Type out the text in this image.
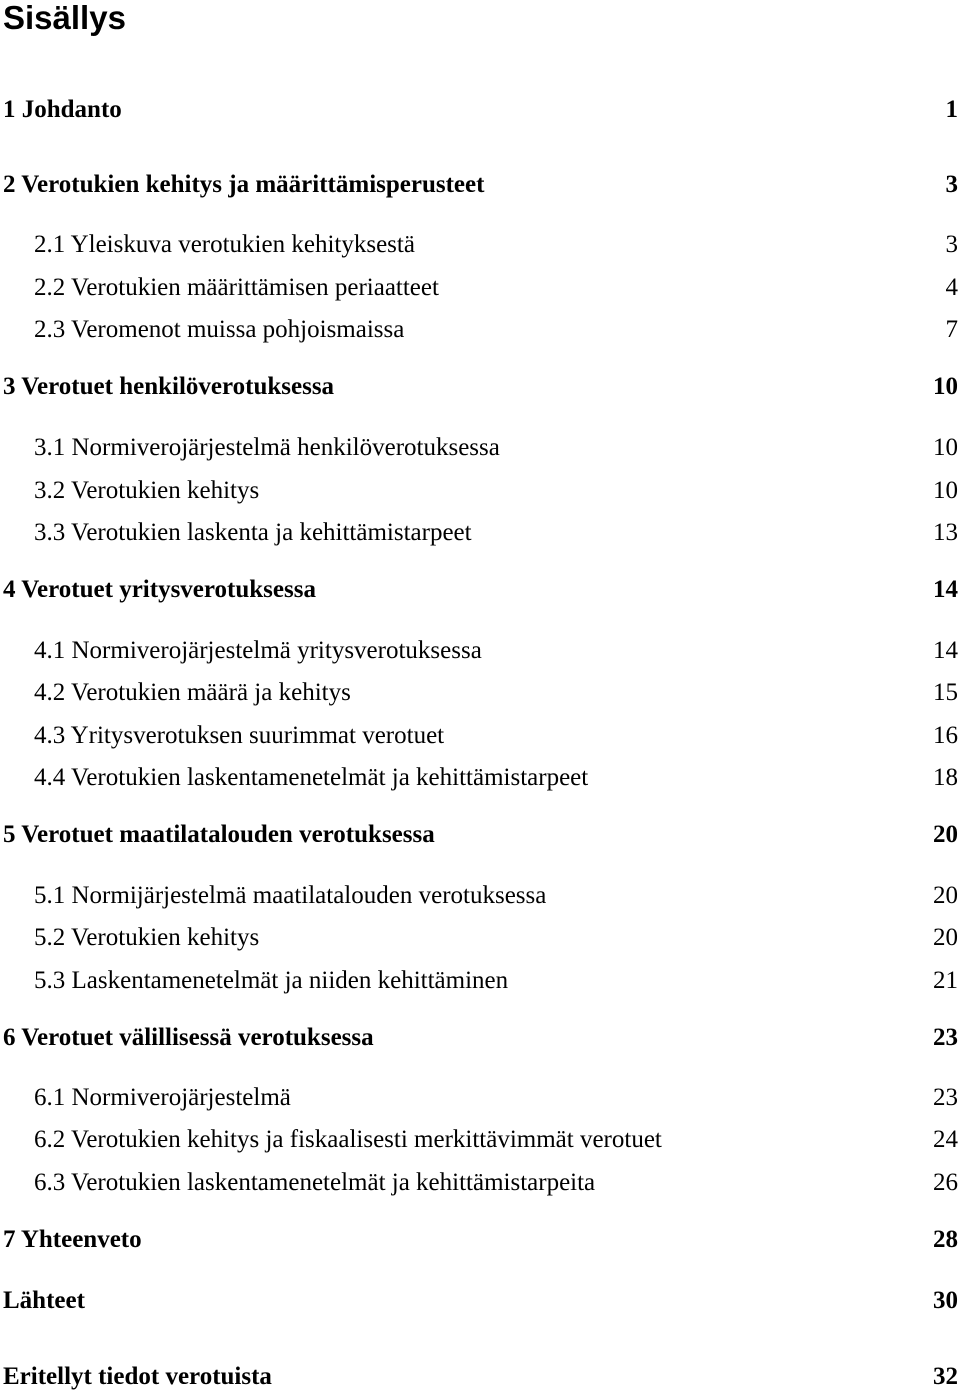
Sisällys
1 Johdanto	1
2 Verotukien kehitys ja määrittämisperusteet	3
2.1 Yleiskuva verotukien kehityksestä	3
2.2 Verotukien määrittämisen periaatteet	4
2.3 Veromenot muissa pohjoismaissa	7
3 Verotuet henkilöverotuksessa	10
3.1 Normiverojärjestelmä henkilöverotuksessa	10
3.2 Verotukien kehitys	10
3.3 Verotukien laskenta ja kehittämistarpeet	13
4 Verotuet yritysverotuksessa	14
4.1 Normiverojärjestelmä yritysverotuksessa	14
4.2 Verotukien määrä ja kehitys	15
4.3 Yritysverotuksen suurimmat verotuet	16
4.4 Verotukien laskentamenetelmät ja kehittämistarpeet	18
5 Verotuet maatilatalouden verotuksessa	20
5.1 Normijärjestelmä maatilatalouden verotuksessa	20
5.2 Verotukien kehitys	20
5.3 Laskentamenetelmät ja niiden kehittäminen	21
6 Verotuet välillisessä verotuksessa	23
6.1 Normiverojärjestelmä	23
6.2 Verotukien kehitys ja fiskaalisesti merkittävimmät verotuet	24
6.3 Verotukien laskentamenetelmät ja kehittämistarpeita	26
7 Yhteenveto	28
Lähteet	30
Eritellyt tiedot verotuista	32
